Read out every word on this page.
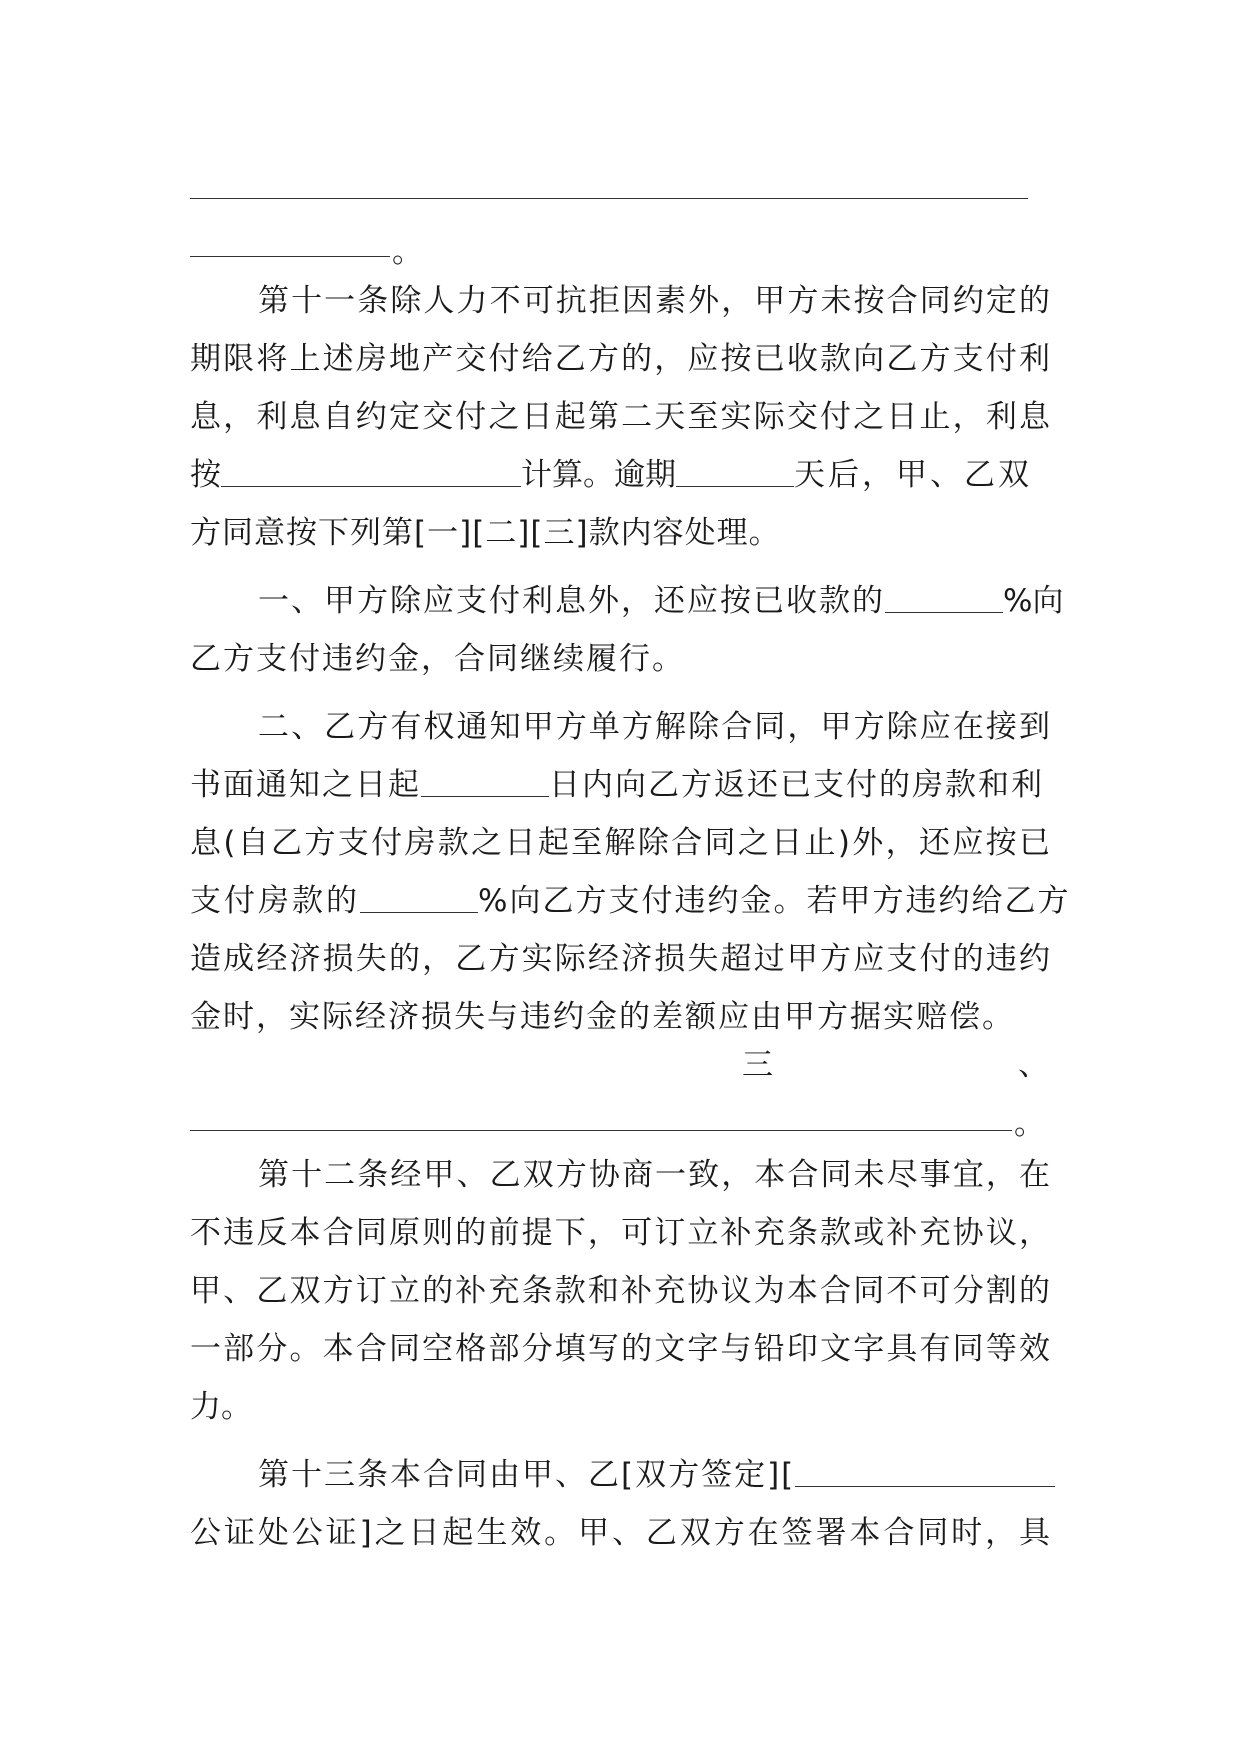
。
第十一条除人力不可抗拒因素外，甲方未按合同约定的
期限将上述房地产交付给乙方的，应按已收款向乙方支付利
息，利息自约定交付之日起第二天至实际交付之日止，利息
按	计算。逾期	天后，甲、乙双
方同意按下列第[一][二][三]款内容处理。
一、甲方除应支付利息外，还应按已收款的	%向
乙方支付违约金，合同继续履行。
二、乙方有权通知甲方单方解除合同，甲方除应在接到
书面通知之日起	日内向乙方返还已支付的房款和利
息(自乙方支付房款之日起至解除合同之日止)外，还应按已
支付房款的	%向乙方支付违约金。若甲方违约给乙方
造成经济损失的，乙方实际经济损失超过甲方应支付的违约
金时，实际经济损失与违约金的差额应由甲方据实赔偿。
三	、
。
第十二条经甲、乙双方协商一致，本合同未尽事宜，在
不违反本合同原则的前提下，可订立补充条款或补充协议，
甲、乙双方订立的补充条款和补充协议为本合同不可分割的
一部分。本合同空格部分填写的文字与铅印文字具有同等效
力。
第十三条本合同由甲、乙[双方签定][
公证处公证]之日起生效。甲、乙双方在签署本合同时，具
